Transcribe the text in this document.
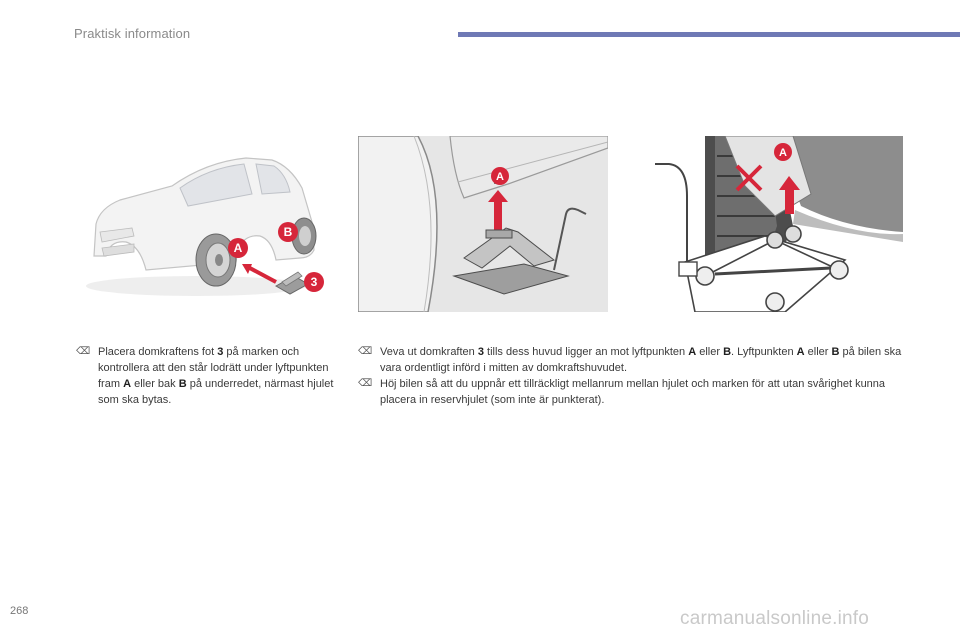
Praktisk information
A
B
3
A
A

⌫ Placera domkraftens fot 3 på marken och kontrollera att den står lodrätt under lyftpunkten fram A eller bak B på underredet, närmast hjulet som ska bytas.

⌫ Veva ut domkraften 3 tills dess huvud ligger an mot lyftpunkten A eller B. Lyftpunkten A eller B på bilen ska vara ordentligt införd i mitten av domkraftshuvudet.

⌫ Höj bilen så att du uppnår ett tillräckligt mellanrum mellan hjulet och marken för att utan svårighet kunna placera in reservhjulet (som inte är punkterat).

268	carmanualsonline.info
